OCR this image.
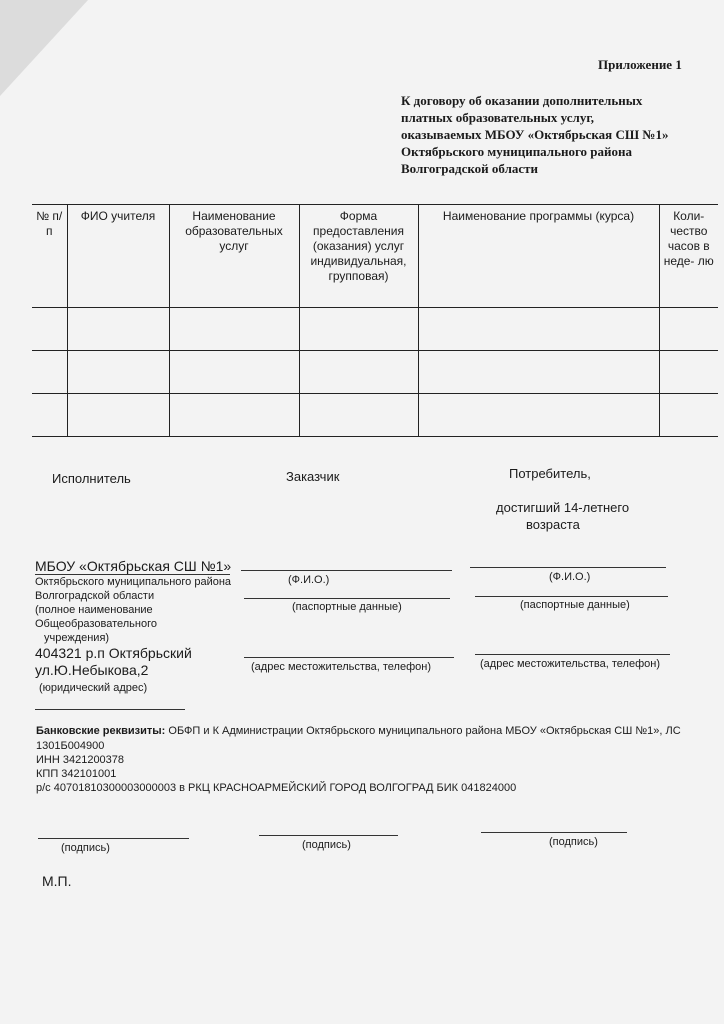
Приложение 1
К договору об оказании дополнительных
платных образовательных услуг,
оказываемых МБОУ «Октябрьская СШ №1»
Октябрьского муниципального района
Волгоградской области
№ п/п	ФИО учителя	Наименование образовательных услуг	Форма предоставления (оказания) услуг индивидуальная, групповая)	Наименование программы (курса)	Коли- чество часов в неде- лю

Исполнитель	Заказчик	Потребитель,
достигший 14-летнего
возраста
МБОУ «Октябрьская СШ №1»
Октябрьского муниципального района
Волгоградской области
(полное наименование
Общеобразовательного
учреждения)
404321 р.п Октябрьский
ул.Ю.Небыкова,2
(юридический адрес)
(Ф.И.О.)
(паспортные данные)
(адрес местожительства, телефон)
(Ф.И.О.)
(паспортные данные)
(адрес местожительства, телефон)
Банковские реквизиты: ОБФП и К Администрации Октябрьского муниципального района МБОУ «Октябрьская СШ №1», ЛС
1301Б004900
ИНН 3421200378
КПП 342101001
р/с 40701810300003000003 в РКЦ КРАСНОАРМЕЙСКИЙ ГОРОД ВОЛГОГРАД БИК 041824000
(подпись)	(подпись)	(подпись)
М.П.
